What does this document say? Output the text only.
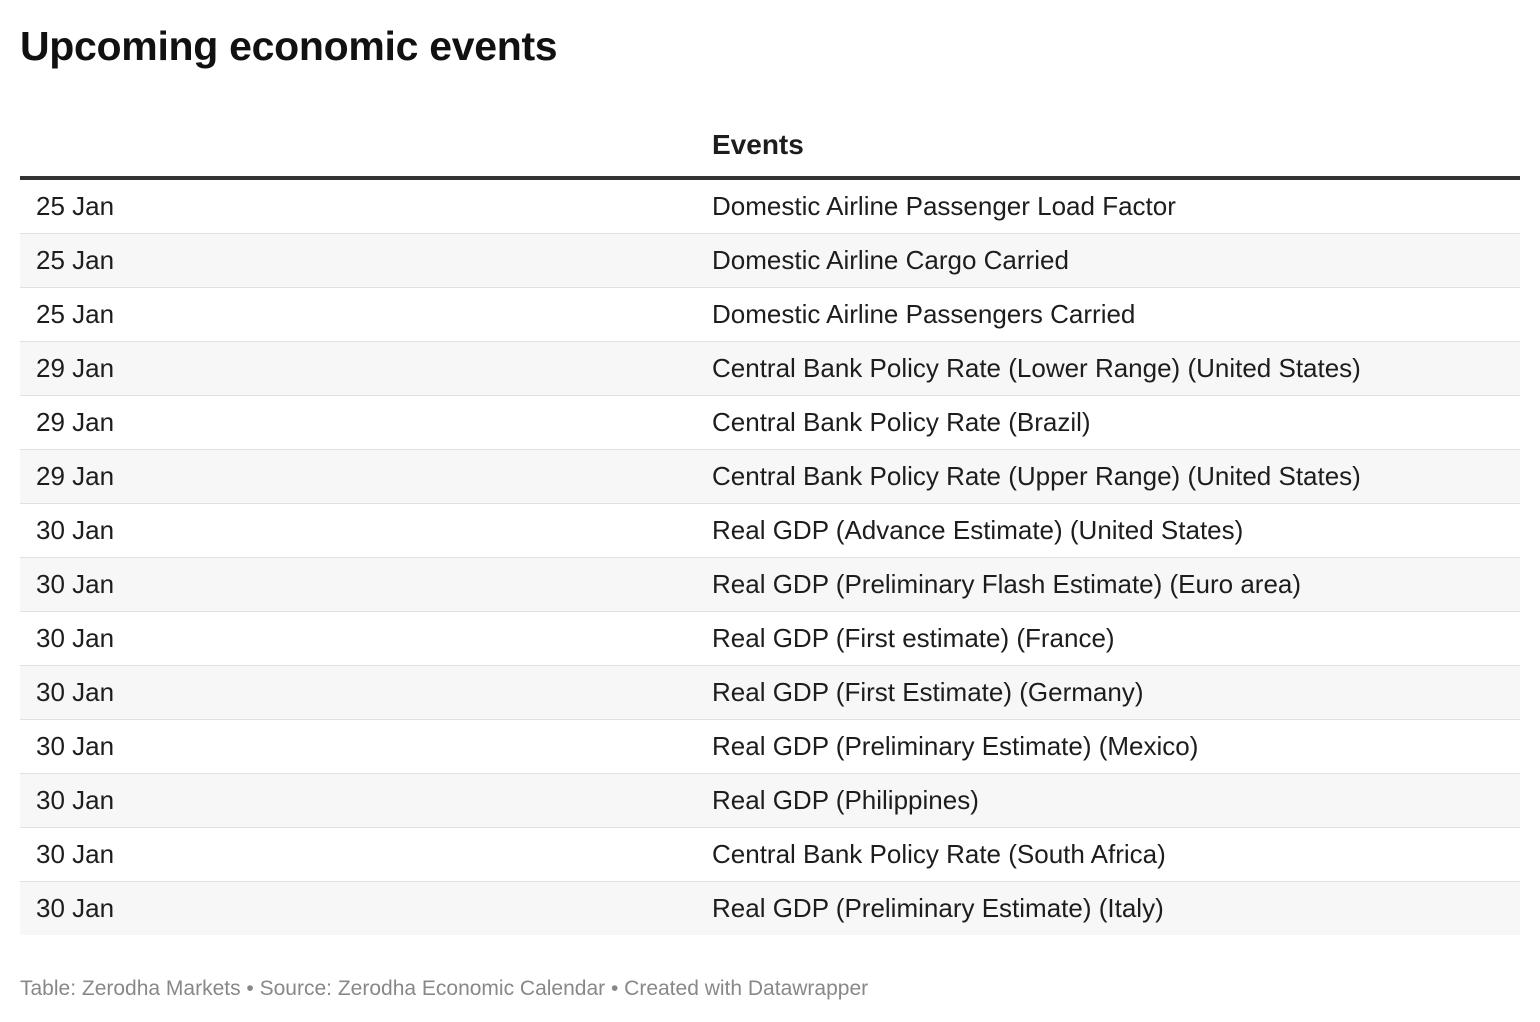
Upcoming economic events
	Events
25 Jan	Domestic Airline Passenger Load Factor
25 Jan	Domestic Airline Cargo Carried
25 Jan	Domestic Airline Passengers Carried
29 Jan	Central Bank Policy Rate (Lower Range) (United States)
29 Jan	Central Bank Policy Rate (Brazil)
29 Jan	Central Bank Policy Rate (Upper Range) (United States)
30 Jan	Real GDP (Advance Estimate) (United States)
30 Jan	Real GDP (Preliminary Flash Estimate) (Euro area)
30 Jan	Real GDP (First estimate) (France)
30 Jan	Real GDP (First Estimate) (Germany)
30 Jan	Real GDP (Preliminary Estimate) (Mexico)
30 Jan	Real GDP (Philippines)
30 Jan	Central Bank Policy Rate (South Africa)
30 Jan	Real GDP (Preliminary Estimate) (Italy)
Table: Zerodha Markets • Source: Zerodha Economic Calendar • Created with Datawrapper
